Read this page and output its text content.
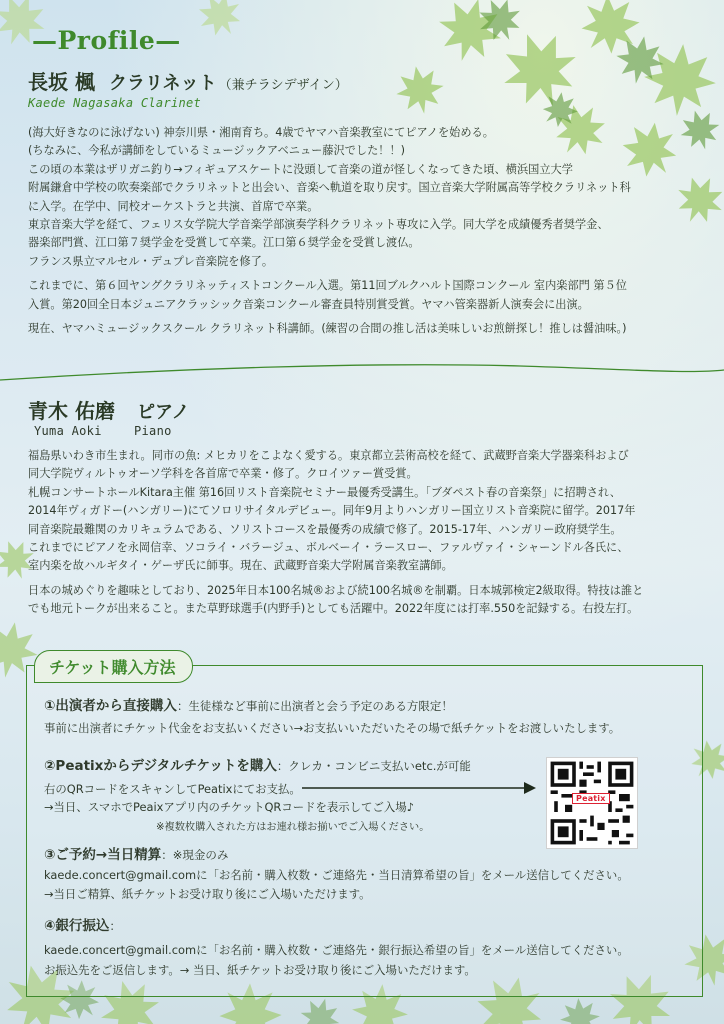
—Profile—
長坂 楓 クラリネット （兼チラシデザイン）
Kaede Nagasaka Clarinet

(海大好きなのに泳げない) 神奈川県・湘南育ち。4歳でヤマハ音楽教室にてピアノを始める。

(ちなみに、今私が講師をしているミュージックアベニュー藤沢でした！！)

この頃の本業はザリガニ釣り→フィギュアスケートに没頭して音楽の道が怪しくなってきた頃、横浜国立大学

附属鎌倉中学校の吹奏楽部でクラリネットと出会い、音楽へ軌道を取り戻す。国立音楽大学附属高等学校クラリネット科

に入学。在学中、同校オーケストラと共演、首席で卒業。

東京音楽大学を経て、フェリス女学院大学音楽学部演奏学科クラリネット専攻に入学。同大学を成績優秀者奨学金、

器楽部門賞、江口第７奨学金を受賞して卒業。江口第６奨学金を受賞し渡仏。

フランス県立マルセル・デュプレ音楽院を修了。

これまでに、第６回ヤングクラリネッティストコンクール入選。第11回ブルクハルト国際コンクール 室内楽部門 第５位

入賞。第20回全日本ジュニアクラッシック音楽コンクール審査員特別賞受賞。ヤマハ管楽器新人演奏会に出演。

現在、ヤマハミュージックスクール クラリネット科講師。(練習の合間の推し活は美味しいお煎餅探し！推しは醤油味。)

青木 佑磨 ピアノ
Yuma Aoki	Piano

福島県いわき市生まれ。同市の魚: メヒカリをこよなく愛する。東京都立芸術高校を経て、武蔵野音楽大学器楽科および

同大学院ヴィルトゥオーソ学科を各首席で卒業・修了。クロイツァー賞受賞。

札幌コンサートホールKitara主催 第16回リスト音楽院セミナー最優秀受講生。「ブダペスト春の音楽祭」に招聘され、

2014年ヴィガドー(ハンガリー)にてソロリサイタルデビュー。同年9月よりハンガリー国立リスト音楽院に留学。2017年

同音楽院最難関のカリキュラムである、ソリストコースを最優秀の成績で修了。2015-17年、ハンガリー政府奨学生。

これまでにピアノを永岡信幸、ソコライ・バラージュ、ボルベーイ・ラースロー、ファルヴァイ・シャーンドル各氏に、

室内楽を故ハルギタイ・ゲーザ氏に師事。現在、武蔵野音楽大学附属音楽教室講師。

日本の城めぐりを趣味としており、2025年日本100名城®および続100名城®を制覇。日本城郭検定2級取得。特技は誰と

でも地元トークが出来ること。また草野球選手(内野手)としても活躍中。2022年度には打率.550を記録する。右投左打。

チケット購入方法
①出演者から直接購入：生徒様など事前に出演者と会う予定のある方限定！
事前に出演者にチケット代金をお支払いください→お支払いいただいたその場で紙チケットをお渡しいたします。
②Peatixからデジタルチケットを購入：クレカ・コンビニ支払いetc.が可能
右のQRコードをスキャンしてPeatixにてお支払。
→当日、スマホでPeaixアプリ内のチケットQRコードを表示してご入場♪
※複数枚購入された方はお連れ様お揃いでご入場ください。
Peatix
③ご予約→当日精算：※現金のみ
kaede.concert@gmail.comに「お名前・購入枚数・ご連絡先・当日清算希望の旨」をメール送信してください。
→当日ご精算、紙チケットお受け取り後にご入場いただけます。
④銀行振込：
kaede.concert@gmail.comに「お名前・購入枚数・ご連絡先・銀行振込希望の旨」をメール送信してください。
お振込先をご返信します。→ 当日、紙チケットお受け取り後にご入場いただけます。
